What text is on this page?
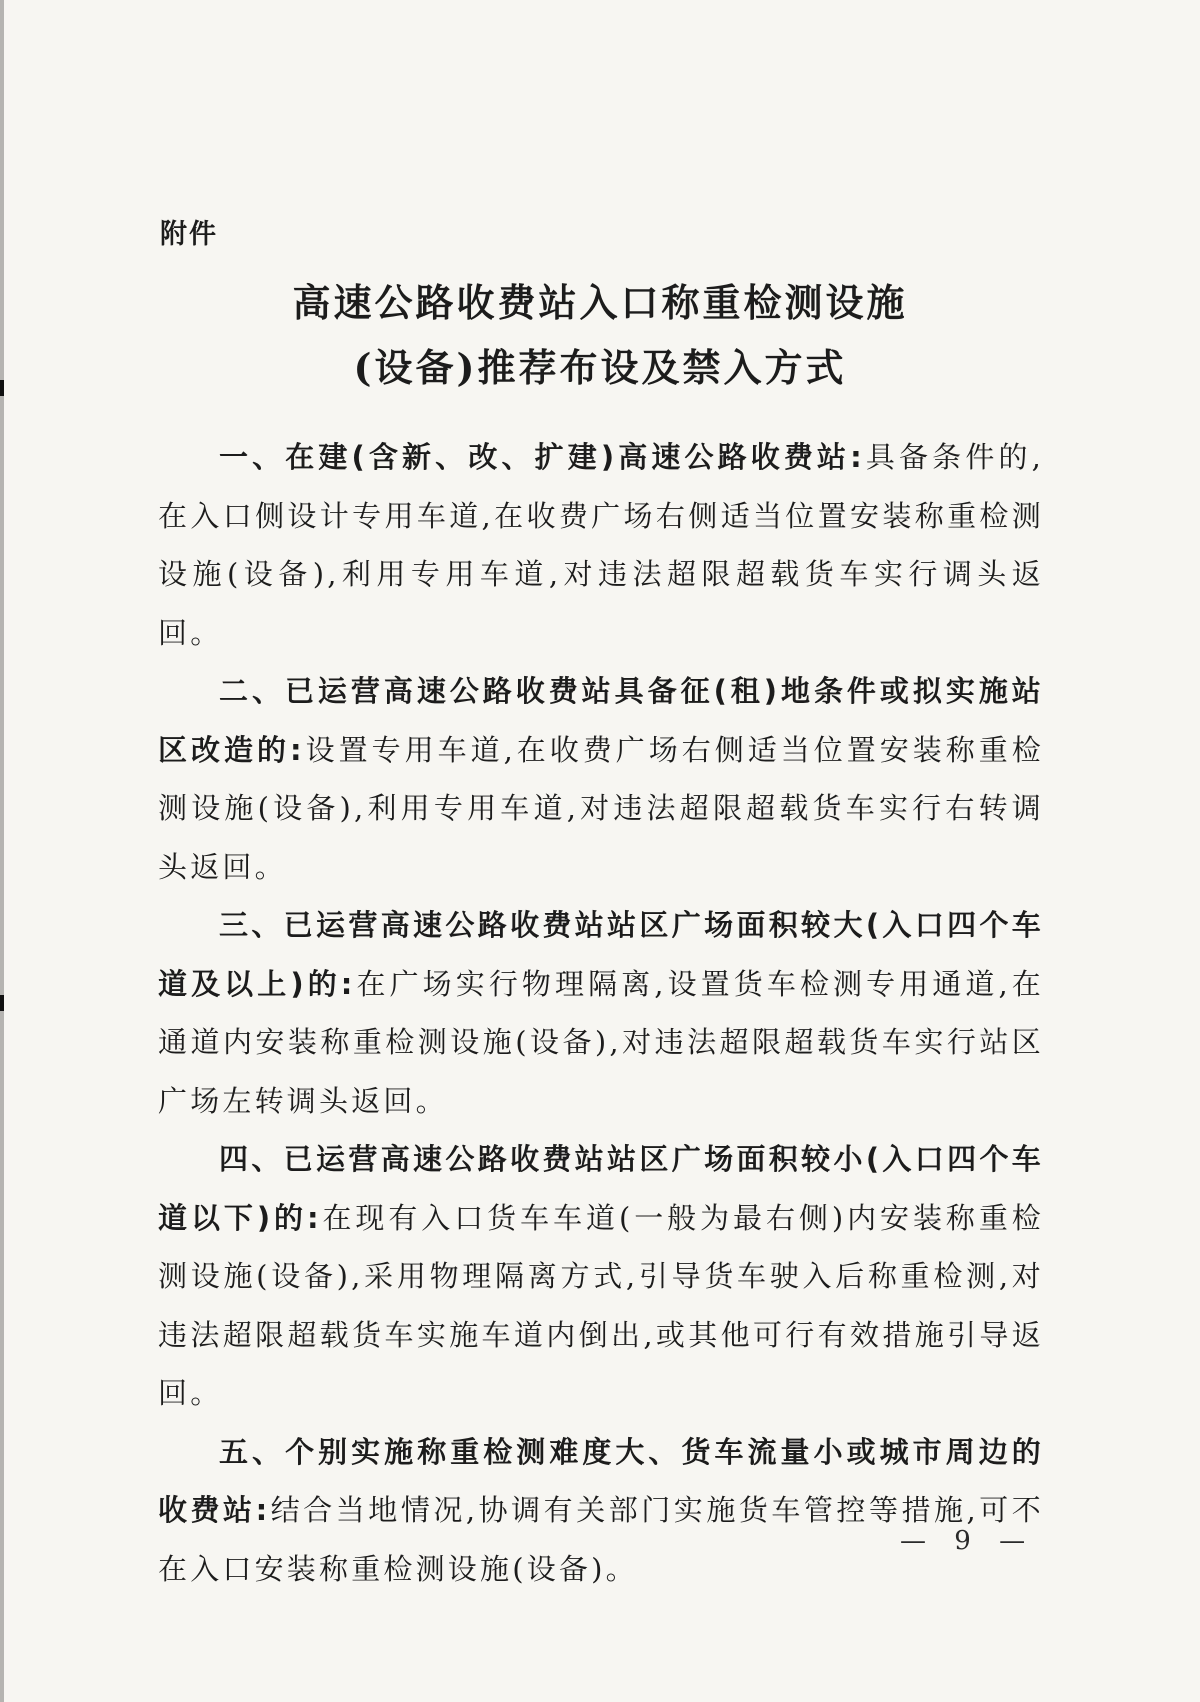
附件
高速公路收费站入口称重检测设施
(设备)推荐布设及禁入方式

一、在建(含新、改、扩建)高速公路收费站:具备条件的,在入口侧设计专用车道,在收费广场右侧适当位置安装称重检测设施(设备),利用专用车道,对违法超限超载货车实行调头返回。

二、已运营高速公路收费站具备征(租)地条件或拟实施站区改造的:设置专用车道,在收费广场右侧适当位置安装称重检测设施(设备),利用专用车道,对违法超限超载货车实行右转调头返回。

三、已运营高速公路收费站站区广场面积较大(入口四个车道及以上)的:在广场实行物理隔离,设置货车检测专用通道,在通道内安装称重检测设施(设备),对违法超限超载货车实行站区广场左转调头返回。

四、已运营高速公路收费站站区广场面积较小(入口四个车道以下)的:在现有入口货车车道(一般为最右侧)内安装称重检测设施(设备),采用物理隔离方式,引导货车驶入后称重检测,对违法超限超载货车实施车道内倒出,或其他可行有效措施引导返回。

五、个别实施称重检测难度大、货车流量小或城市周边的收费站:结合当地情况,协调有关部门实施货车管控等措施,可不在入口安装称重检测设施(设备)。

— 9 —
